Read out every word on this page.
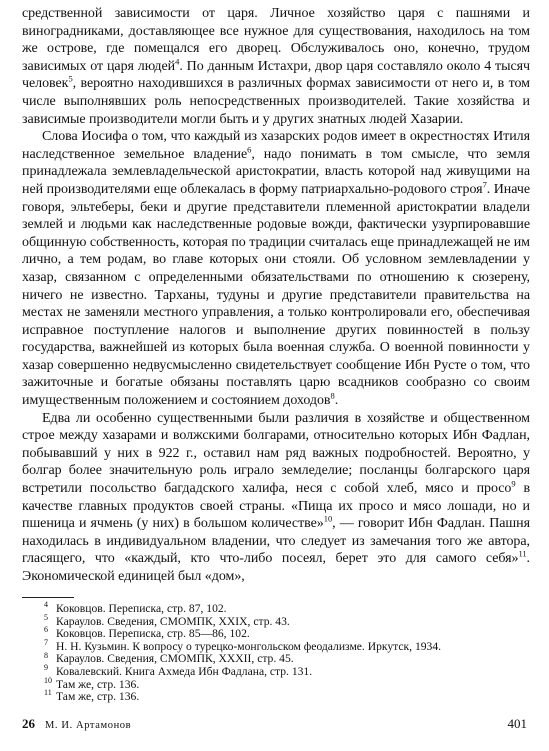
средственной зависимости от царя. Личное хозяйство царя с пашнями и виноградниками, доставляющее все нужное для существования, находилось на том же острове, где помещался его дворец. Обслуживалось оно, конечно, трудом зависимых от царя людей$^4$. По данным Истахри, двор царя составляло около 4 тысяч человек$^5$, вероятно находившихся в различных формах зависимости от него и, в том числе выполнявших роль непосредственных производителей. Такие хозяйства и зависимые производители могли быть и у других знатных людей Хазарии.

Слова Иосифа о том, что каждый из хазарских родов имеет в окрестностях Итиля наследственное земельное владение$^6$, надо понимать в том смысле, что земля принадлежала землевладельческой аристократии, власть которой над живущими на ней производителями еще облекалась в форму патриархально-родового строя$^7$. Иначе говоря, эльтеберы, беки и другие представители племенной аристократии владели землей и людьми как наследственные родовые вожди, фактически узурпировавшие общинную собственность, которая по традиции считалась еще принадлежащей не им лично, а тем родам, во главе которых они стояли. Об условном землевладении у хазар, связанном с определенными обязательствами по отношению к сюзерену, ничего не известно. Тарханы, тудуны и другие представители правительства на местах не заменяли местного управления, а только контролировали его, обеспечивая исправное поступление налогов и выполнение других повинностей в пользу государства, важнейшей из которых была военная служба. О военной повинности у хазар совершенно недвусмысленно свидетельствует сообщение Ибн Русте о том, что зажиточные и богатые обязаны поставлять царю всадников сообразно со своим имущественным положением и состоянием доходов$^8$.

Едва ли особенно существенными были различия в хозяйстве и общественном строе между хазарами и волжскими болгарами, относительно которых Ибн Фадлан, побывавший у них в 922 г., оставил нам ряд важных подробностей. Вероятно, у болгар более значительную роль играло земледелие; посланцы болгарского царя встретили посольство багдадского халифа, неся с собой хлеб, мясо и просо$^9$ в качестве главных продуктов своей страны. «Пища их просо и мясо лошади, но и пшеница и ячмень (у них) в большом количестве»$^{10}$, — говорит Ибн Фадлан. Пашня находилась в индивидуальном владении, что следует из замечания того же автора, гласящего, что «каждый, кто что-либо посеял, берет это для самого себя»$^{11}$. Экономической единицей был «дом»,

4 Коковцов. Переписка, стр. 87, 102.
5 Караулов. Сведения, СМОМПК, XXIX, стр. 43.
6 Коковцов. Переписка, стр. 85—86, 102.
7 Н. Н. Кузьмин. К вопросу о турецко-монгольском феодализме. Иркутск, 1934.
8 Караулов. Сведения, СМОМПК, XXXII, стр. 45.
9 Ковалевский. Книга Ахмеда Ибн Фадлана, стр. 131.
10 Там же, стр. 136.
11 Там же, стр. 136.
26 М. И. Артамонов	401
